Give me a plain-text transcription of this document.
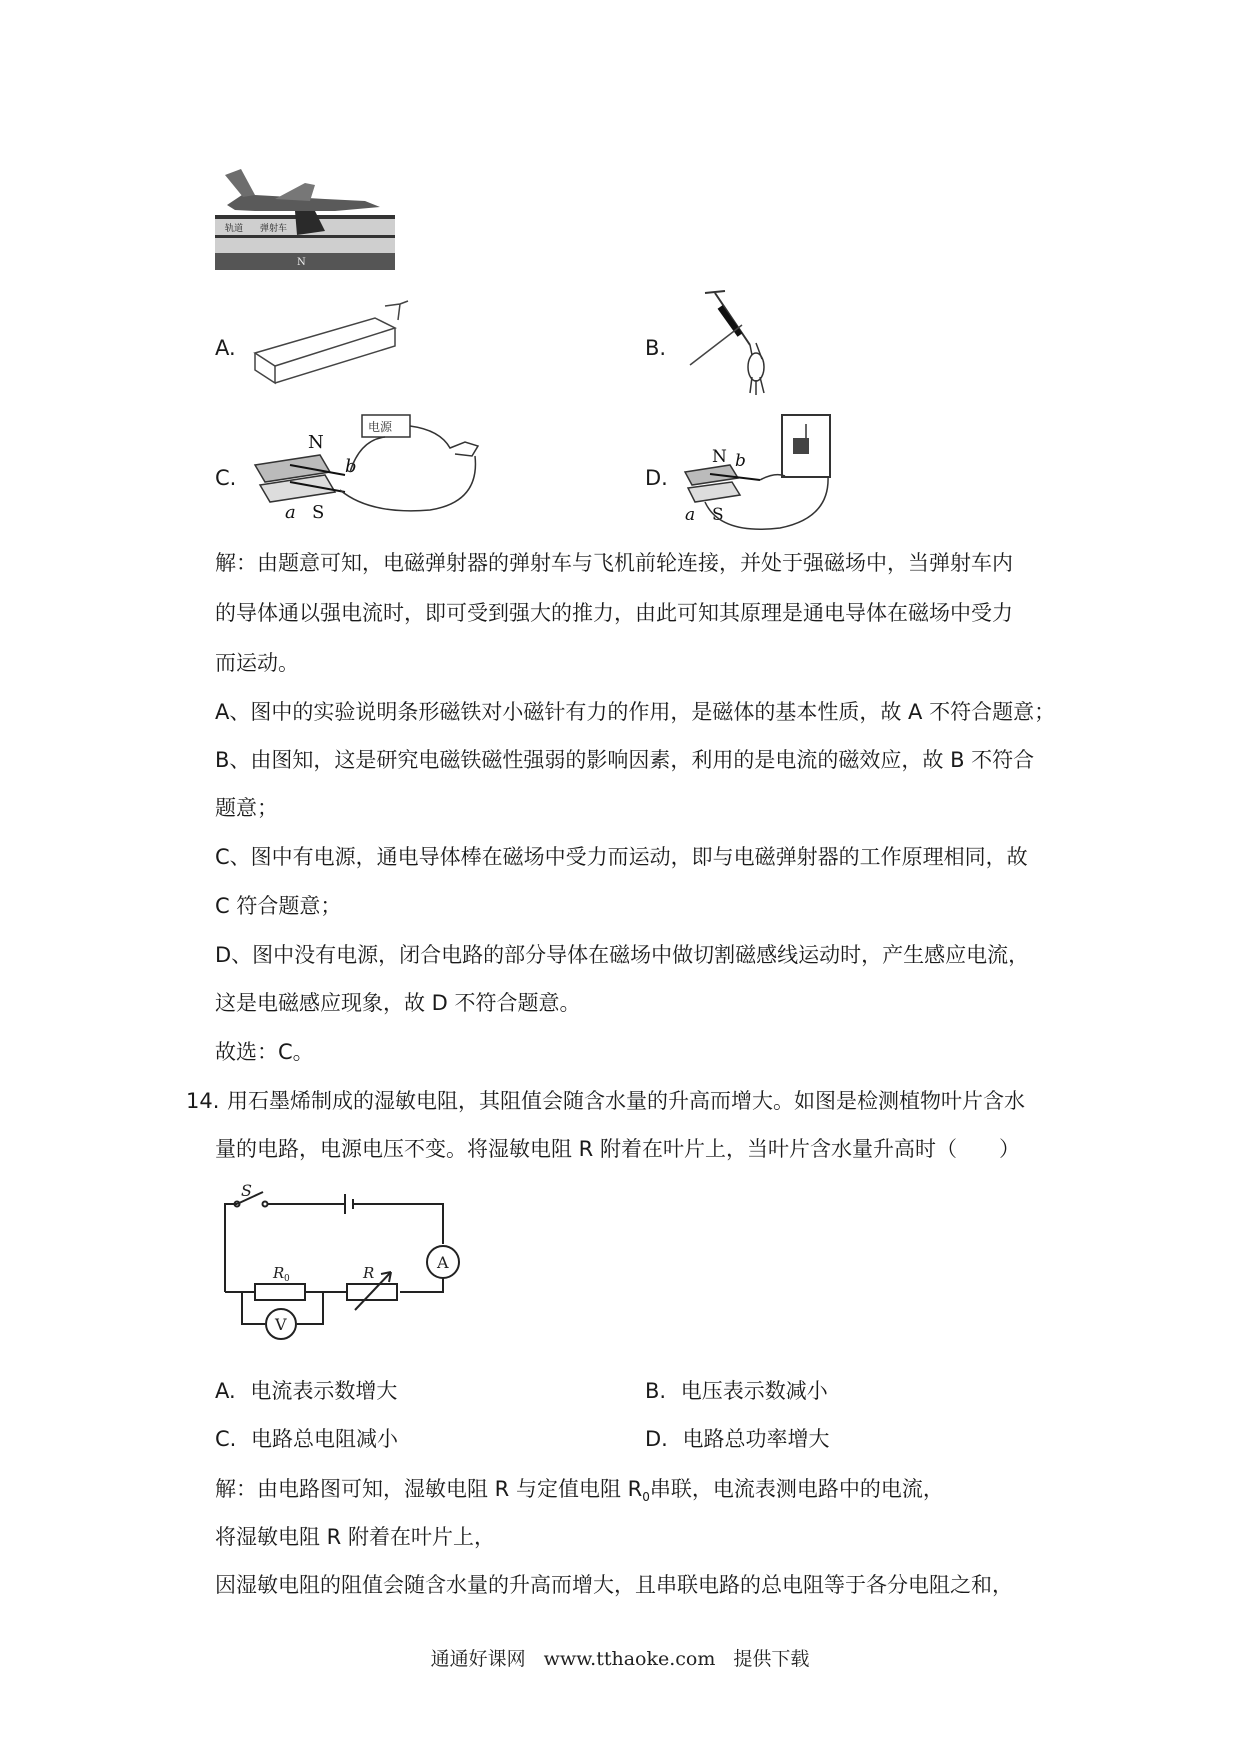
轨道 弹射车
N
A.	B.
C.
电源
N
b
a S
D.
N b
a S
解：由题意可知，电磁弹射器的弹射车与飞机前轮连接，并处于强磁场中，当弹射车内
的导体通以强电流时，即可受到强大的推力，由此可知其原理是通电导体在磁场中受力
而运动。
A、图中的实验说明条形磁铁对小磁针有力的作用，是磁体的基本性质，故 A 不符合题意；
B、由图知，这是研究电磁铁磁性强弱的影响因素，利用的是电流的磁效应，故 B 不符合
题意；
C、图中有电源，通电导体棒在磁场中受力而运动，即与电磁弹射器的工作原理相同，故
C 符合题意；
D、图中没有电源，闭合电路的部分导体在磁场中做切割磁感线运动时，产生感应电流，
这是电磁感应现象，故 D 不符合题意。
故选：C。
14. 用石墨烯制成的湿敏电阻，其阻值会随含水量的升高而增大。如图是检测植物叶片含水
量的电路，电源电压不变。将湿敏电阻 R 附着在叶片上，当叶片含水量升高时（　　）
S
R 0	R
A
V
A. 电流表示数增大	B. 电压表示数减小
C. 电路总电阻减小	D. 电路总功率增大
解：由电路图可知，湿敏电阻 R 与定值电阻 $R_0$串联，电流表测电路中的电流，
将湿敏电阻 R 附着在叶片上，
因湿敏电阻的阻值会随含水量的升高而增大，且串联电路的总电阻等于各分电阻之和，
通通好课网 www.tthaoke.com 提供下载
